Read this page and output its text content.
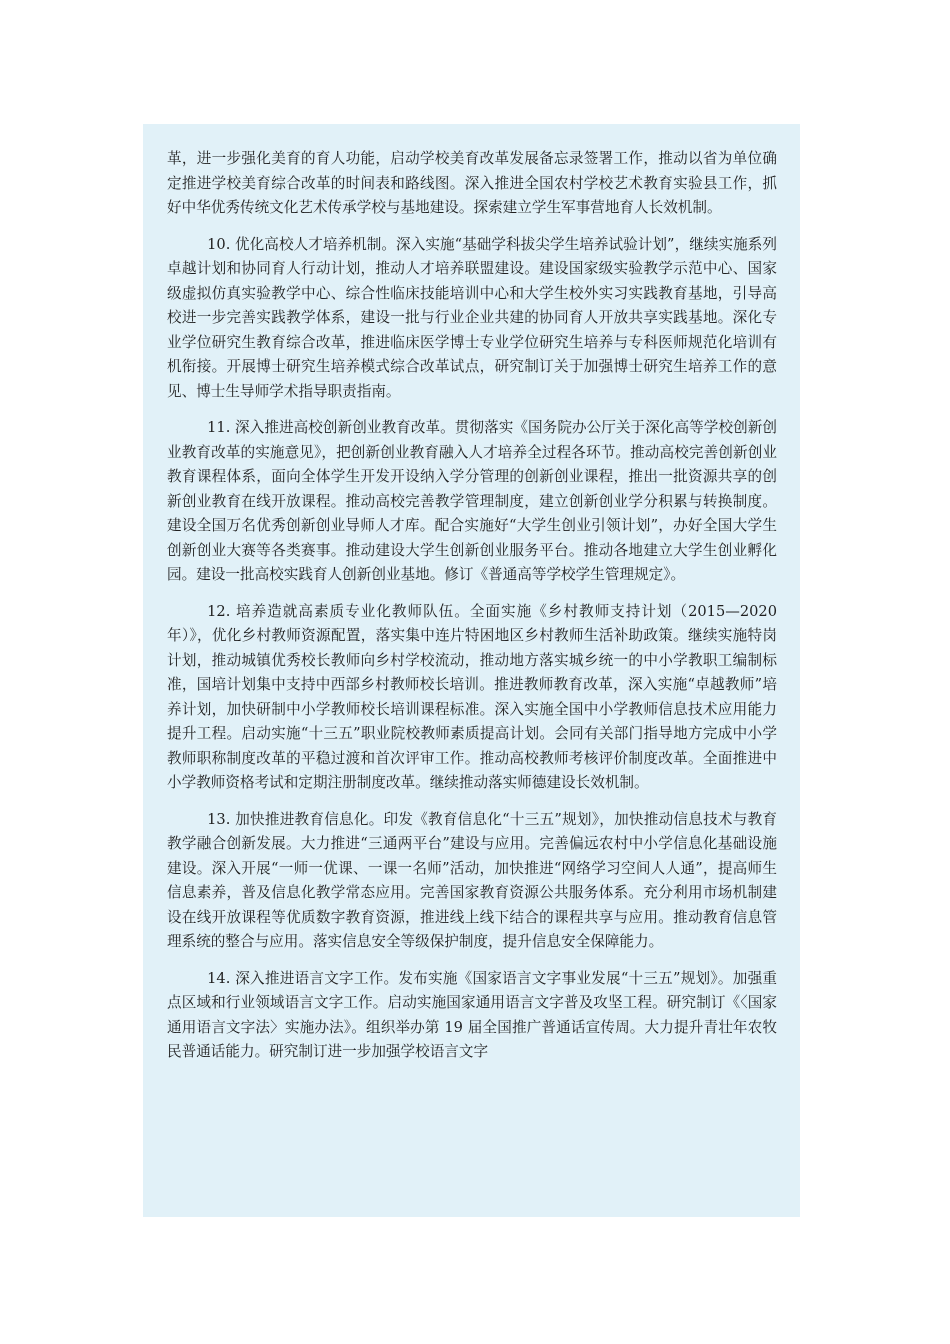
革，进一步强化美育的育人功能，启动学校美育改革发展备忘录签署工作，推动以省为单位确定推进学校美育综合改革的时间表和路线图。深入推进全国农村学校艺术教育实验县工作，抓好中华优秀传统文化艺术传承学校与基地建设。探索建立学生军事营地育人长效机制。

10. 优化高校人才培养机制。深入实施“基础学科拔尖学生培养试验计划”，继续实施系列卓越计划和协同育人行动计划，推动人才培养联盟建设。建设国家级实验教学示范中心、国家级虚拟仿真实验教学中心、综合性临床技能培训中心和大学生校外实习实践教育基地，引导高校进一步完善实践教学体系，建设一批与行业企业共建的协同育人开放共享实践基地。深化专业学位研究生教育综合改革，推进临床医学博士专业学位研究生培养与专科医师规范化培训有机衔接。开展博士研究生培养模式综合改革试点，研究制订关于加强博士研究生培养工作的意见、博士生导师学术指导职责指南。

11. 深入推进高校创新创业教育改革。贯彻落实《国务院办公厅关于深化高等学校创新创业教育改革的实施意见》，把创新创业教育融入人才培养全过程各环节。推动高校完善创新创业教育课程体系，面向全体学生开发开设纳入学分管理的创新创业课程，推出一批资源共享的创新创业教育在线开放课程。推动高校完善教学管理制度，建立创新创业学分积累与转换制度。建设全国万名优秀创新创业导师人才库。配合实施好“大学生创业引领计划”，办好全国大学生创新创业大赛等各类赛事。推动建设大学生创新创业服务平台。推动各地建立大学生创业孵化园。建设一批高校实践育人创新创业基地。修订《普通高等学校学生管理规定》。

12. 培养造就高素质专业化教师队伍。全面实施《乡村教师支持计划（2015—2020 年）》，优化乡村教师资源配置，落实集中连片特困地区乡村教师生活补助政策。继续实施特岗计划，推动城镇优秀校长教师向乡村学校流动，推动地方落实城乡统一的中小学教职工编制标准，国培计划集中支持中西部乡村教师校长培训。推进教师教育改革，深入实施“卓越教师”培养计划，加快研制中小学教师校长培训课程标准。深入实施全国中小学教师信息技术应用能力提升工程。启动实施“十三五”职业院校教师素质提高计划。会同有关部门指导地方完成中小学教师职称制度改革的平稳过渡和首次评审工作。推动高校教师考核评价制度改革。全面推进中小学教师资格考试和定期注册制度改革。继续推动落实师德建设长效机制。

13. 加快推进教育信息化。印发《教育信息化“十三五”规划》，加快推动信息技术与教育教学融合创新发展。大力推进“三通两平台”建设与应用。完善偏远农村中小学信息化基础设施建设。深入开展“一师一优课、一课一名师”活动，加快推进“网络学习空间人人通”，提高师生信息素养，普及信息化教学常态应用。完善国家教育资源公共服务体系。充分利用市场机制建设在线开放课程等优质数字教育资源，推进线上线下结合的课程共享与应用。推动教育信息管理系统的整合与应用。落实信息安全等级保护制度，提升信息安全保障能力。

14. 深入推进语言文字工作。发布实施《国家语言文字事业发展“十三五”规划》。加强重点区域和行业领域语言文字工作。启动实施国家通用语言文字普及攻坚工程。研究制订《〈国家通用语言文字法〉实施办法》。组织举办第 19 届全国推广普通话宣传周。大力提升青壮年农牧民普通话能力。研究制订进一步加强学校语言文字
